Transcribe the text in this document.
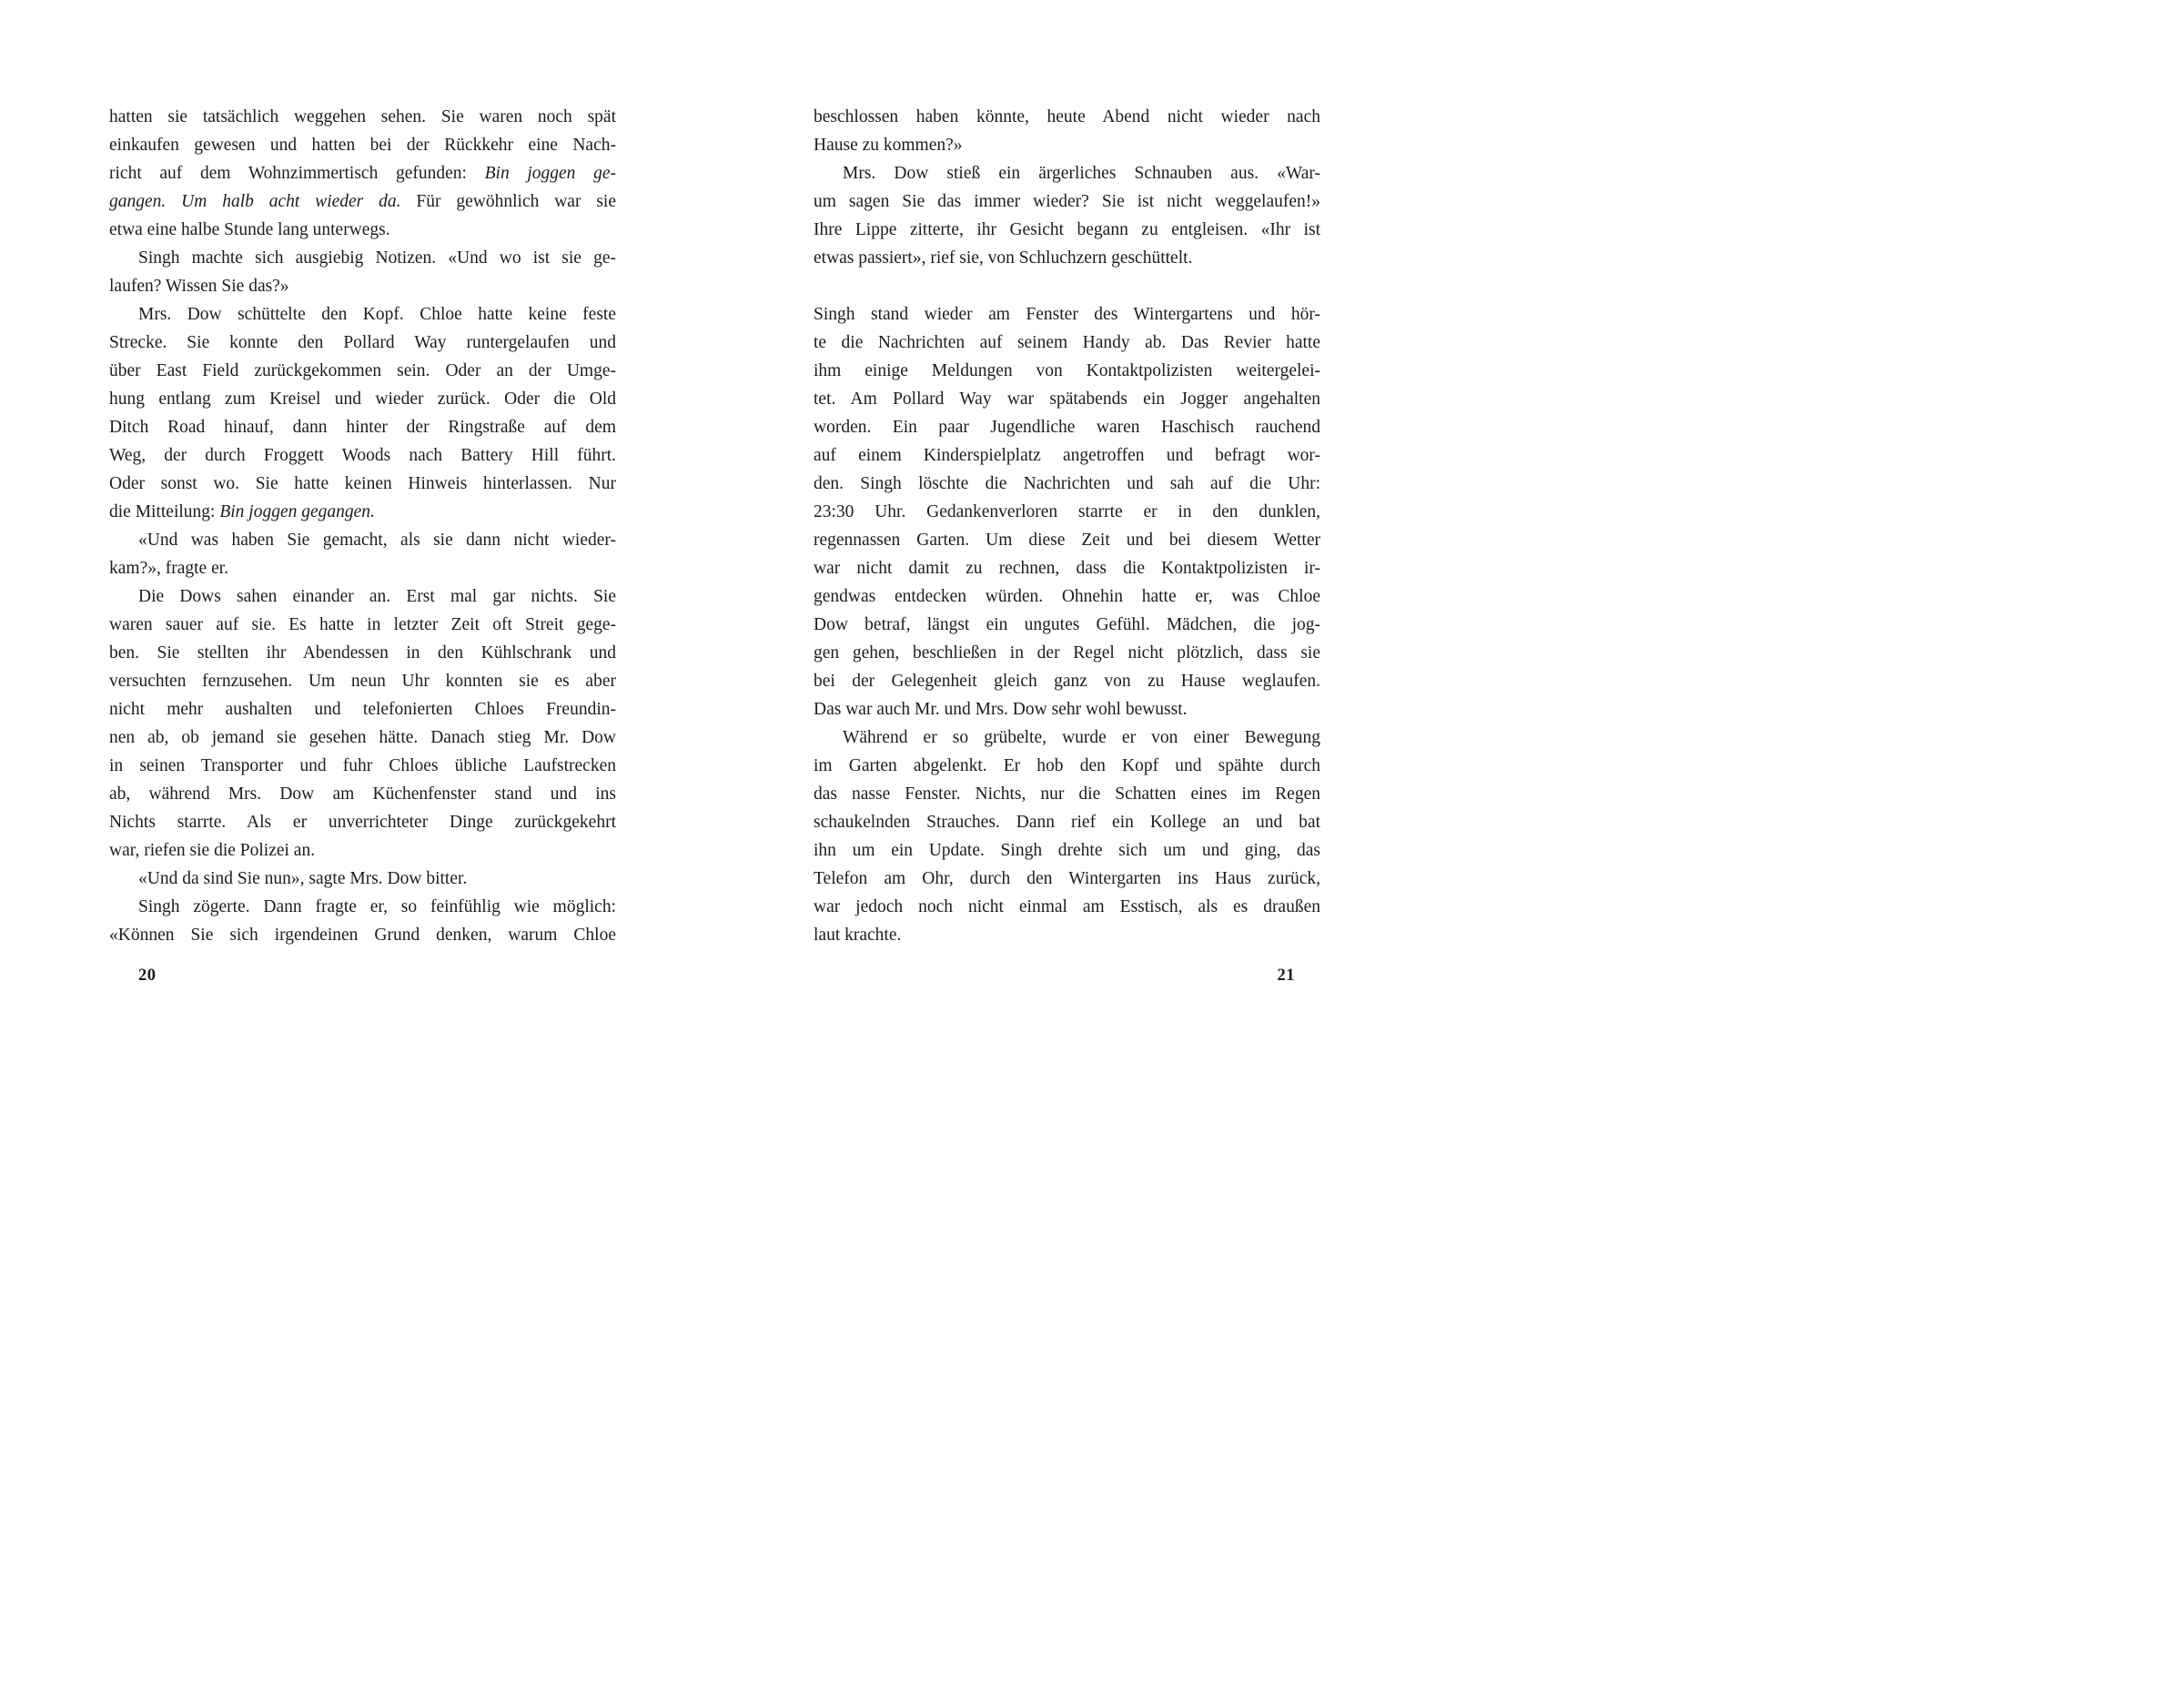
hatten sie tatsächlich weggehen sehen. Sie waren noch spät
einkaufen gewesen und hatten bei der Rückkehr eine Nach-
richt auf dem Wohnzimmertisch gefunden: Bin joggen ge-
gangen. Um halb acht wieder da. Für gewöhnlich war sie
etwa eine halbe Stunde lang unterwegs.
Singh machte sich ausgiebig Notizen. «Und wo ist sie ge-
laufen? Wissen Sie das?»
Mrs. Dow schüttelte den Kopf. Chloe hatte keine feste
Strecke. Sie konnte den Pollard Way runtergelaufen und
über East Field zurückgekommen sein. Oder an der Umge-
hung entlang zum Kreisel und wieder zurück. Oder die Old
Ditch Road hinauf, dann hinter der Ringstraße auf dem
Weg, der durch Froggett Woods nach Battery Hill führt.
Oder sonst wo. Sie hatte keinen Hinweis hinterlassen. Nur
die Mitteilung: Bin joggen gegangen.
«Und was haben Sie gemacht, als sie dann nicht wieder-
kam?», fragte er.
Die Dows sahen einander an. Erst mal gar nichts. Sie
waren sauer auf sie. Es hatte in letzter Zeit oft Streit gege-
ben. Sie stellten ihr Abendessen in den Kühlschrank und
versuchten fernzusehen. Um neun Uhr konnten sie es aber
nicht mehr aushalten und telefonierten Chloes Freundin-
nen ab, ob jemand sie gesehen hätte. Danach stieg Mr. Dow
in seinen Transporter und fuhr Chloes übliche Laufstrecken
ab, während Mrs. Dow am Küchenfenster stand und ins
Nichts starrte. Als er unverrichteter Dinge zurückgekehrt
war, riefen sie die Polizei an.
«Und da sind Sie nun», sagte Mrs. Dow bitter.
Singh zögerte. Dann fragte er, so feinfühlig wie möglich:
«Können Sie sich irgendeinen Grund denken, warum Chloe
beschlossen haben könnte, heute Abend nicht wieder nach
Hause zu kommen?»
Mrs. Dow stieß ein ärgerliches Schnauben aus. «War-
um sagen Sie das immer wieder? Sie ist nicht weggelaufen!»
Ihre Lippe zitterte, ihr Gesicht begann zu entgleisen. «Ihr ist
etwas passiert», rief sie, von Schluchzern geschüttelt.
Singh stand wieder am Fenster des Wintergartens und hör-
te die Nachrichten auf seinem Handy ab. Das Revier hatte
ihm einige Meldungen von Kontaktpolizisten weitergelei-
tet. Am Pollard Way war spätabends ein Jogger angehalten
worden. Ein paar Jugendliche waren Haschisch rauchend
auf einem Kinderspielplatz angetroffen und befragt wor-
den. Singh löschte die Nachrichten und sah auf die Uhr:
23:30 Uhr. Gedankenverloren starrte er in den dunklen,
regennassen Garten. Um diese Zeit und bei diesem Wetter
war nicht damit zu rechnen, dass die Kontaktpolizisten ir-
gendwas entdecken würden. Ohnehin hatte er, was Chloe
Dow betraf, längst ein ungutes Gefühl. Mädchen, die jog-
gen gehen, beschließen in der Regel nicht plötzlich, dass sie
bei der Gelegenheit gleich ganz von zu Hause weglaufen.
Das war auch Mr. und Mrs. Dow sehr wohl bewusst.
Während er so grübelte, wurde er von einer Bewegung
im Garten abgelenkt. Er hob den Kopf und spähte durch
das nasse Fenster. Nichts, nur die Schatten eines im Regen
schaukelnden Strauches. Dann rief ein Kollege an und bat
ihn um ein Update. Singh drehte sich um und ging, das
Telefon am Ohr, durch den Wintergarten ins Haus zurück,
war jedoch noch nicht einmal am Esstisch, als es draußen
laut krachte.
20	21
